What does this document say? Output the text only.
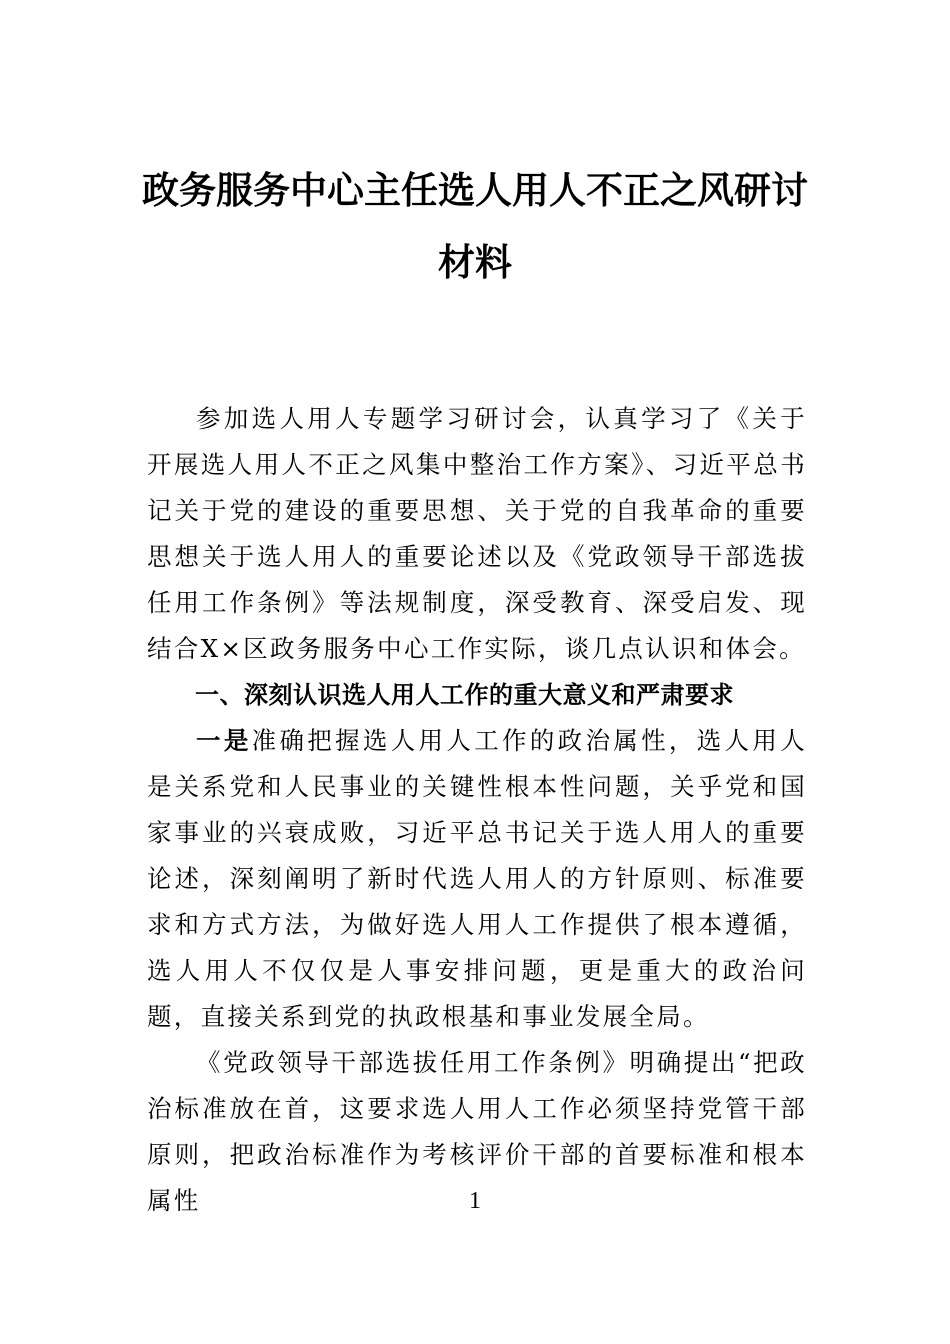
政务服务中心主任选人用人不正之风研讨
材料

参加选人用人专题学习研讨会，认真学习了《关于开展选人用人不正之风集中整治工作方案》、习近平总书记关于党的建设的重要思想、关于党的自我革命的重要思想关于选人用人的重要论述以及《党政领导干部选拔任用工作条例》等法规制度，深受教育、深受启发、现结合X×区政务服务中心工作实际，谈几点认识和体会。

一、深刻认识选人用人工作的重大意义和严肃要求

一是准确把握选人用人工作的政治属性，选人用人是关系党和人民事业的关键性根本性问题，关乎党和国家事业的兴衰成败，习近平总书记关于选人用人的重要论述，深刻阐明了新时代选人用人的方针原则、标准要求和方式方法，为做好选人用人工作提供了根本遵循，选人用人不仅仅是人事安排问题，更是重大的政治问题，直接关系到党的执政根基和事业发展全局。

《党政领导干部选拔任用工作条例》明确提出“把政治标准放在首，这要求选人用人工作必须坚持党管干部原则，把政治标准作为考核评价干部的首要标准和根本属性	1
